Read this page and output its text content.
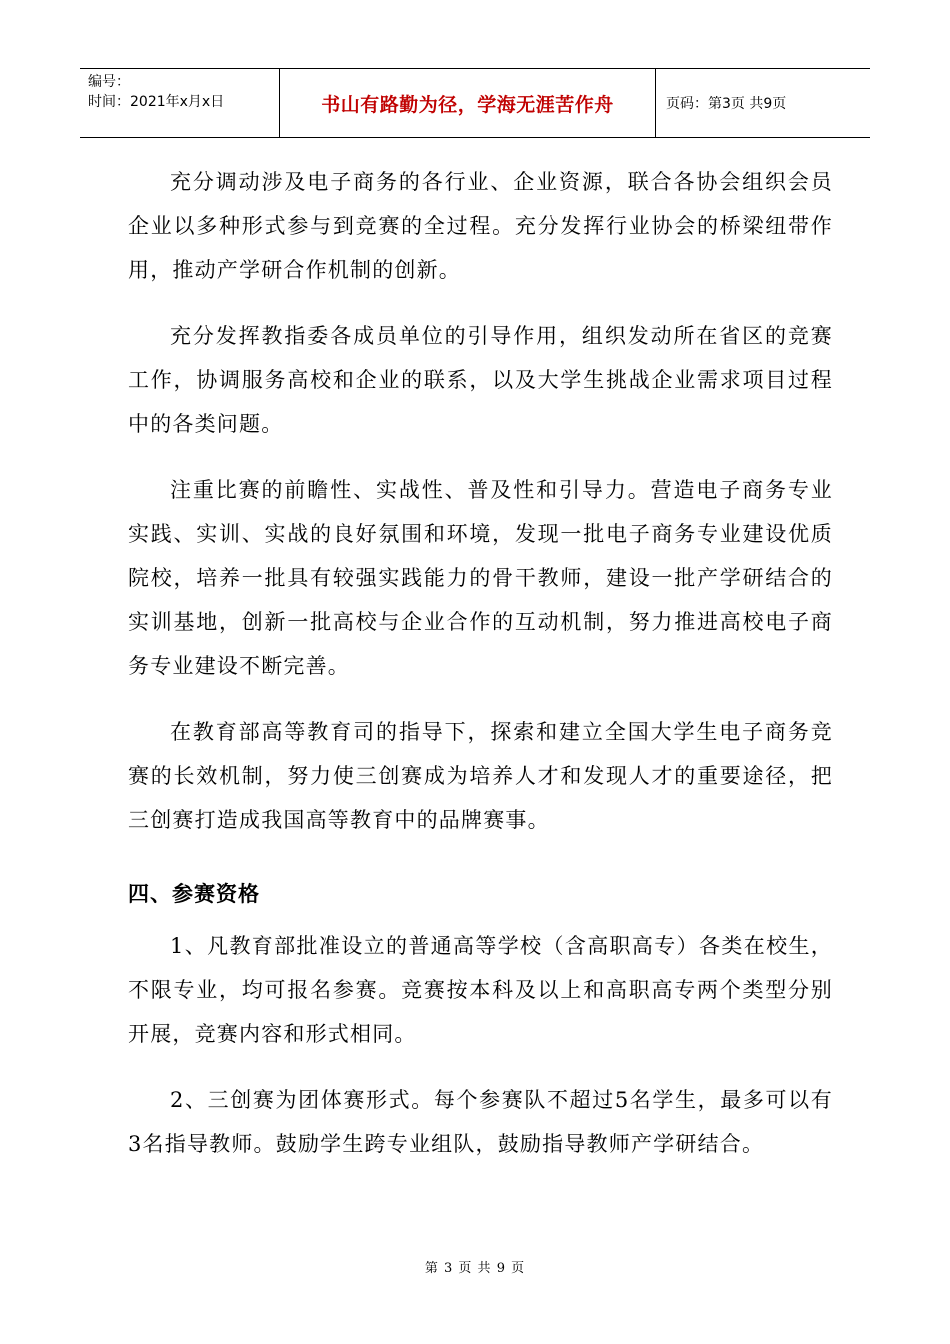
编号：
时间：2021年x月x日	书山有路勤为径，学海无涯苦作舟	页码：第3页 共9页

充分调动涉及电子商务的各行业、企业资源，联合各协会组织会员企业以多种形式参与到竞赛的全过程。充分发挥行业协会的桥梁纽带作用，推动产学研合作机制的创新。

充分发挥教指委各成员单位的引导作用，组织发动所在省区的竞赛工作，协调服务高校和企业的联系，以及大学生挑战企业需求项目过程中的各类问题。

注重比赛的前瞻性、实战性、普及性和引导力。营造电子商务专业实践、实训、实战的良好氛围和环境，发现一批电子商务专业建设优质院校，培养一批具有较强实践能力的骨干教师，建设一批产学研结合的实训基地，创新一批高校与企业合作的互动机制，努力推进高校电子商务专业建设不断完善。

在教育部高等教育司的指导下，探索和建立全国大学生电子商务竞赛的长效机制，努力使三创赛成为培养人才和发现人才的重要途径，把三创赛打造成我国高等教育中的品牌赛事。

四、参赛资格

1、凡教育部批准设立的普通高等学校（含高职高专）各类在校生，不限专业，均可报名参赛。竞赛按本科及以上和高职高专两个类型分别开展，竞赛内容和形式相同。

2、三创赛为团体赛形式。每个参赛队不超过5名学生，最多可以有3名指导教师。鼓励学生跨专业组队，鼓励指导教师产学研结合。

第 3 页 共 9 页
